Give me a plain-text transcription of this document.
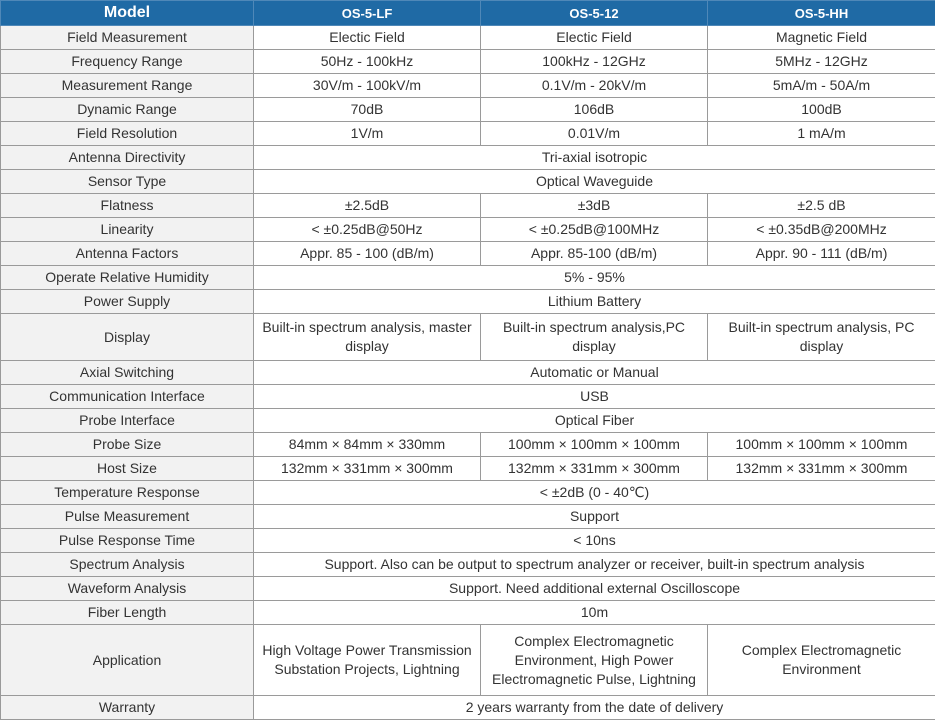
Model	OS-5-LF	OS-5-12	OS-5-HH
Field Measurement	Electic Field	Electic Field	Magnetic Field
Frequency Range	50Hz - 100kHz	100kHz - 12GHz	5MHz - 12GHz
Measurement Range	30V/m - 100kV/m	0.1V/m - 20kV/m	5mA/m - 50A/m
Dynamic Range	70dB	106dB	100dB
Field Resolution	1V/m	0.01V/m	1 mA/m
Antenna Directivity	Tri-axial isotropic		
Sensor Type	Optical Waveguide		
Flatness	±2.5dB	±3dB	±2.5 dB
Linearity	< ±0.25dB@50Hz	< ±0.25dB@100MHz	< ±0.35dB@200MHz
Antenna Factors	Appr. 85 - 100 (dB/m)	Appr. 85-100 (dB/m)	Appr. 90 - 111 (dB/m)
Operate Relative Humidity	5% - 95%		
Power Supply	Lithium Battery		
Display	Built-in spectrum analysis, master display	Built-in spectrum analysis,PC display	Built-in spectrum analysis, PC display
Axial Switching	Automatic or Manual		
Communication Interface	USB		
Probe Interface	Optical Fiber		
Probe Size	84mm × 84mm × 330mm	100mm × 100mm × 100mm	100mm × 100mm × 100mm
Host Size	132mm × 331mm × 300mm	132mm × 331mm × 300mm	132mm × 331mm × 300mm
Temperature Response	< ±2dB (0 - 40℃)		
Pulse Measurement	Support		
Pulse Response Time	< 10ns		
Spectrum Analysis	Support. Also can be output to spectrum analyzer or receiver, built-in spectrum analysis		
Waveform Analysis	Support. Need additional external Oscilloscope		
Fiber Length	10m		
Application	High Voltage Power Transmission Substation Projects, Lightning	Complex Electromagnetic Environment, High Power Electromagnetic Pulse, Lightning	Complex Electromagnetic Environment
Warranty	2 years warranty from the date of delivery		
